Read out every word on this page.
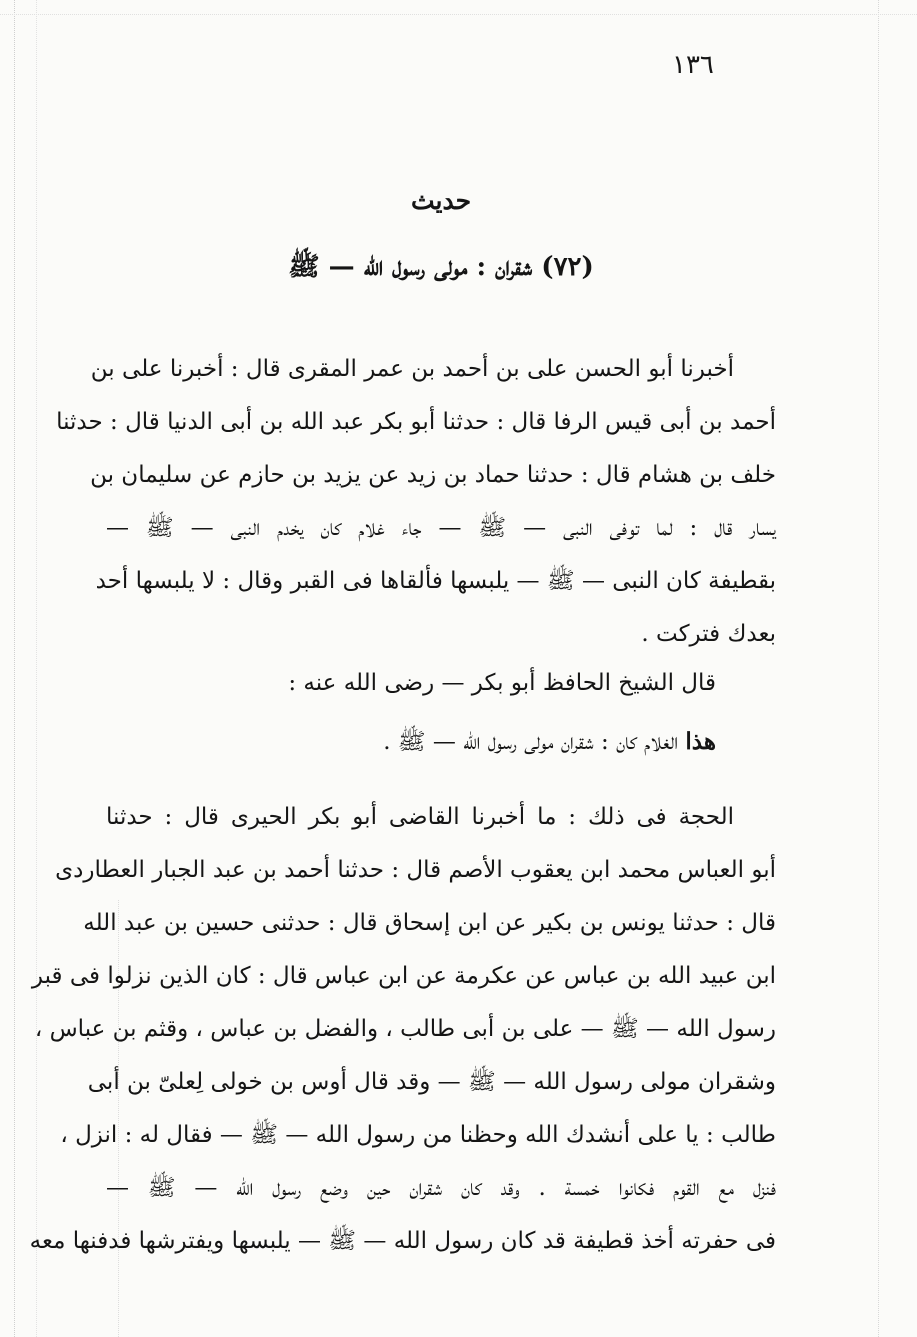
١٣٦
حديث
(٧٢) شقران : مولى رسول الله — ﷺ
أخبرنا أبو الحسن على بن أحمد بن عمر المقرى قال : أخبرنا على بن
أحمد بن أبى قيس الرفا قال : حدثنا أبو بكر عبد الله بن أبى الدنيا قال : حدثنا
خلف بن هشام قال : حدثنا حماد بن زيد عن يزيد بن حازم عن سليمان بن
يسار قال : لما توفى النبى — ﷺ — جاء غلام كان يخدم النبى — ﷺ —
بقطيفة كان النبى — ﷺ — يلبسها فألقاها فى القبر وقال : لا يلبسها أحد
بعدك فتركت .
قال الشيخ الحافظ أبو بكر — رضى الله عنه :
هذا الغلام كان : شقران مولى رسول الله — ﷺ .
الحجة فى ذلك : ما أخبرنا القاضى أبو بكر الحيرى قال : حدثنا
أبو العباس محمد ابن يعقوب الأصم قال : حدثنا أحمد بن عبد الجبار العطاردى
قال : حدثنا يونس بن بكير عن ابن إسحاق قال : حدثنى حسين بن عبد الله
ابن عبيد الله بن عباس عن عكرمة عن ابن عباس قال : كان الذين نزلوا فى قبر
رسول الله — ﷺ — على بن أبى طالب ، والفضل بن عباس ، وقثم بن عباس ،
وشقران مولى رسول الله — ﷺ — وقد قال أوس بن خولى لِعلىّ بن أبى
طالب : يا على أنشدك الله وحظنا من رسول الله — ﷺ — فقال له : انزل ،
فنزل مع القوم فكانوا خمسة . وقد كان شقران حين وضع رسول الله — ﷺ —
فى حفرته أخذ قطيفة قد كان رسول الله — ﷺ — يلبسها ويفترشها فدفنها معه
